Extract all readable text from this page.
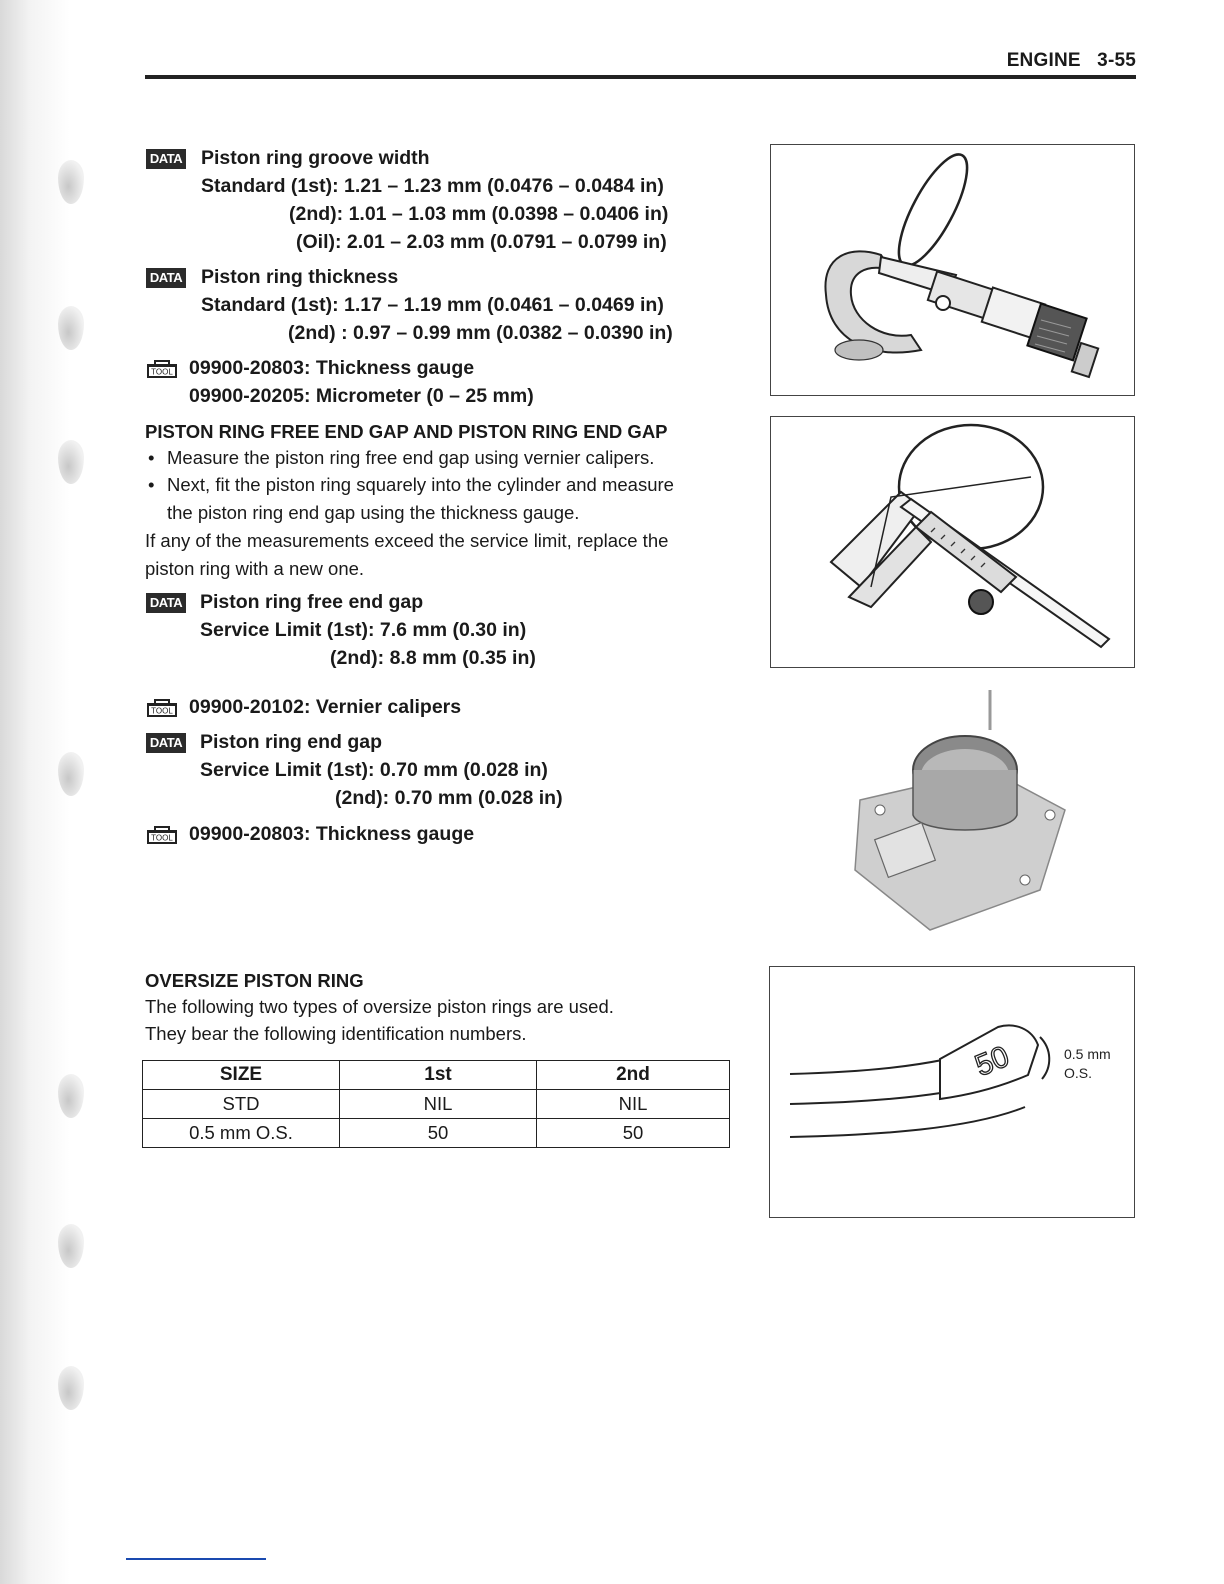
ENGINE 3-55
DATA Piston ring groove width
Standard (1st): 1.21 – 1.23 mm (0.0476 – 0.0484 in)
(2nd): 1.01 – 1.03 mm (0.0398 – 0.0406 in)
(Oil): 2.01 – 2.03 mm (0.0791 – 0.0799 in)
DATA Piston ring thickness
Standard (1st): 1.17 – 1.19 mm (0.0461 – 0.0469 in)
(2nd) : 0.97 – 0.99 mm (0.0382 – 0.0390 in)
TOOL 09900-20803: Thickness gauge
09900-20205: Micrometer (0 – 25 mm)
PISTON RING FREE END GAP AND PISTON RING END GAP
• Measure the piston ring free end gap using vernier calipers.
• Next, fit the piston ring squarely into the cylinder and measure
the piston ring end gap using the thickness gauge.
If any of the measurements exceed the service limit, replace the
piston ring with a new one.
DATA Piston ring free end gap
Service Limit (1st): 7.6 mm (0.30 in)
(2nd): 8.8 mm (0.35 in)
TOOL 09900-20102: Vernier calipers
DATA Piston ring end gap
Service Limit (1st): 0.70 mm (0.028 in)
(2nd): 0.70 mm (0.028 in)
TOOL 09900-20803: Thickness gauge
OVERSIZE PISTON RING
The following two types of oversize piston rings are used.
They bear the following identification numbers.
SIZE	1st	2nd
STD	NIL	NIL
0.5 mm O.S.	50	50
50	0.5 mm
O.S.
